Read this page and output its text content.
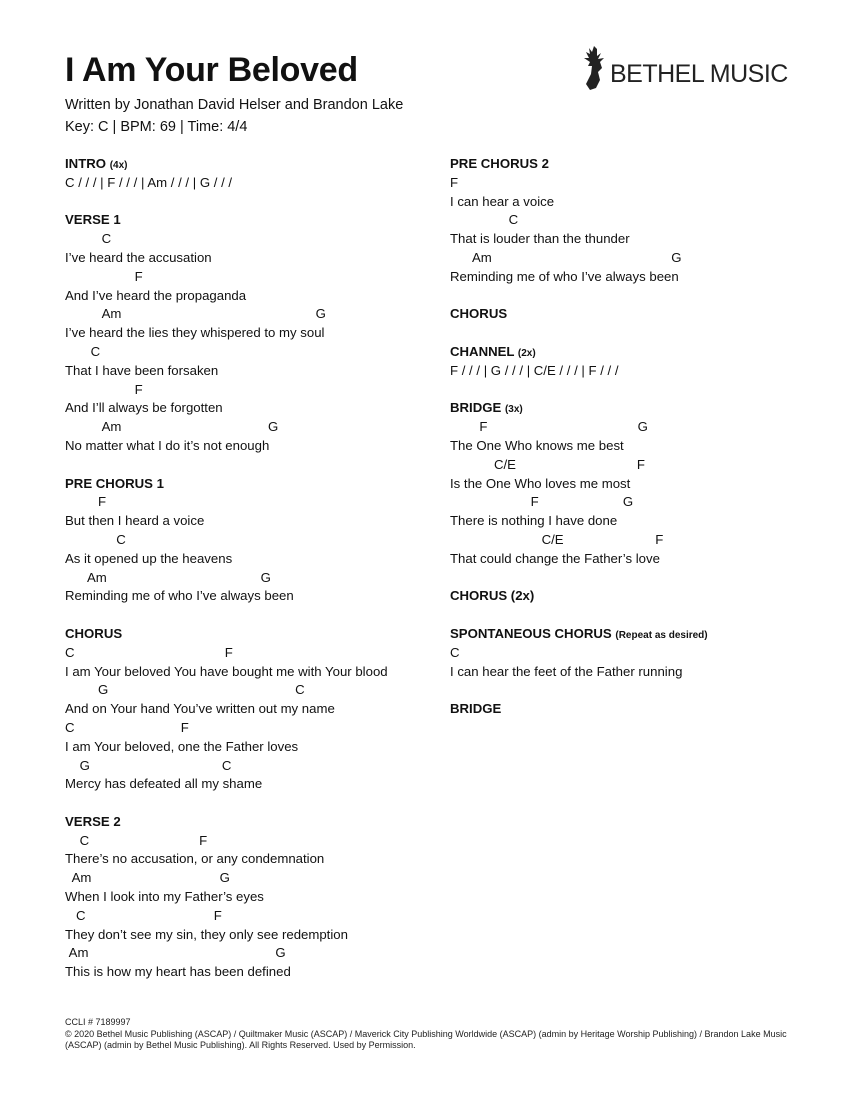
I Am Your Beloved
Written by Jonathan David Helser and Brandon Lake
Key: C | BPM: 69 | Time: 4/4
BETHEL MUSIC
INTRO (4x)
C / / / | F / / / | Am / / / | G / / /
VERSE 1
C
I’ve heard the accusation
F
And I’ve heard the propaganda
Am                                                     G
I’ve heard the lies they whispered to my soul
C
That I have been forsaken
F
And I’ll always be forgotten
Am                                        G
No matter what I do it’s not enough
PRE CHORUS 1
F
But then I heard a voice
C
As it opened up the heavens
Am                                          G
Reminding me of who I’ve always been
CHORUS
C                                         F
I am Your beloved You have bought me with Your blood
G                                                   C
And on Your hand You’ve written out my name
C                             F
I am Your beloved, one the Father loves
G                                    C
Mercy has defeated all my shame
VERSE 2
C                              F
There’s no accusation, or any condemnation
Am                                   G
When I look into my Father’s eyes
C                                   F
They don’t see my sin, they only see redemption
Am                                                   G
This is how my heart has been defined
PRE CHORUS 2
F
I can hear a voice
C
That is louder than the thunder
Am                                                 G
Reminding me of who I’ve always been
CHORUS
CHANNEL (2x)
F / / / | G / / / | C/E / / / | F / / /
BRIDGE (3x)
F                                         G
The One Who knows me best
C/E                                 F
Is the One Who loves me most
F                       G
There is nothing I have done
C/E                         F
That could change the Father’s love
CHORUS (2x)
SPONTANEOUS CHORUS (Repeat as desired)
C
I can hear the feet of the Father running
BRIDGE
CCLI # 7189997
© 2020 Bethel Music Publishing (ASCAP) / Quiltmaker Music (ASCAP) / Maverick City Publishing Worldwide (ASCAP) (admin by Heritage Worship Publishing) / Brandon Lake Music (ASCAP) (admin by Bethel Music Publishing). All Rights Reserved. Used by Permission.
